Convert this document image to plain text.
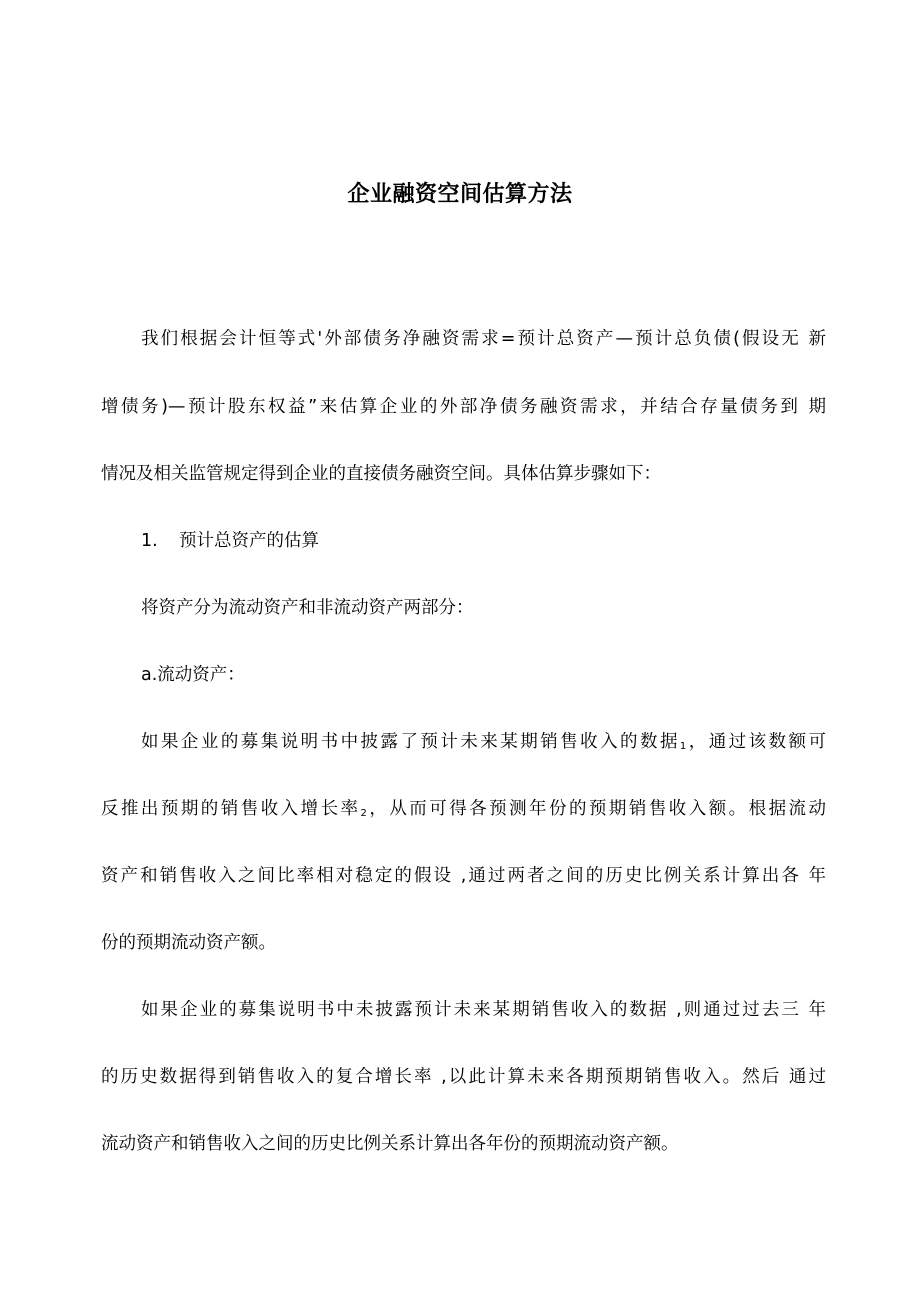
企业融资空间估算方法
我们根据会计恒等式'外部债务净融资需求=预计总资产—预计总负债(假设无 新
增债务)—预计股东权益”来估算企业的外部净债务融资需求，并结合存量债务到 期
情况及相关监管规定得到企业的直接债务融资空间。具体估算步骤如下：
1. 预计总资产的估算
将资产分为流动资产和非流动资产两部分：
a.流动资产：
如果企业的募集说明书中披露了预计未来某期销售收入的数据$_1$，通过该数额可
反推出预期的销售收入增长率$_2$，从而可得各预测年份的预期销售收入额。根据流动
资产和销售收入之间比率相对稳定的假设 ,通过两者之间的历史比例关系计算出各 年
份的预期流动资产额。
如果企业的募集说明书中未披露预计未来某期销售收入的数据 ,则通过过去三 年
的历史数据得到销售收入的复合增长率 ,以此计算未来各期预期销售收入。然后 通过
流动资产和销售收入之间的历史比例关系计算出各年份的预期流动资产额。
